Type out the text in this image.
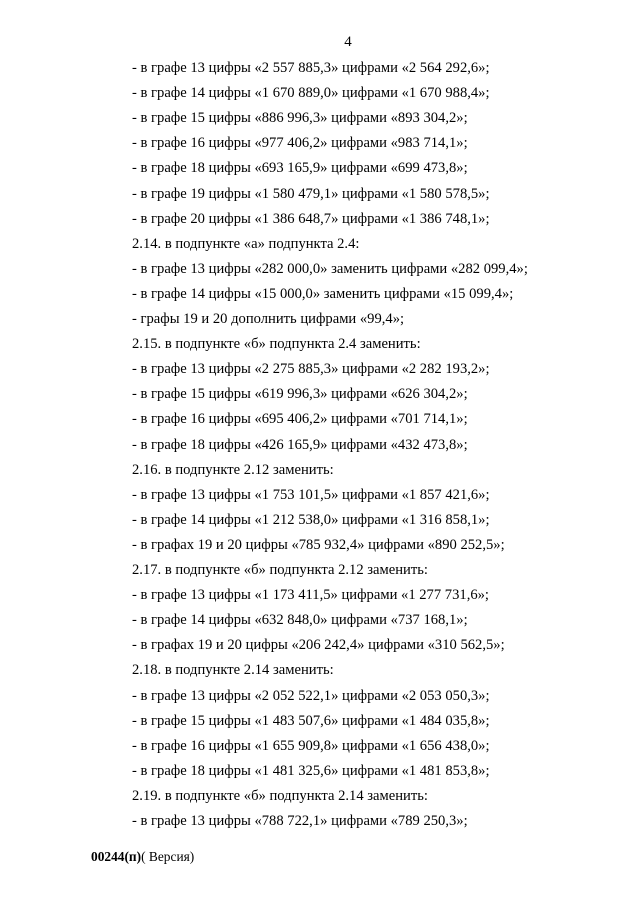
4
- в графе 13 цифры «2 557 885,3» цифрами «2 564 292,6»;
- в графе 14 цифры «1 670 889,0» цифрами «1 670 988,4»;
- в графе 15 цифры «886 996,3» цифрами «893 304,2»;
- в графе 16 цифры «977 406,2» цифрами «983 714,1»;
- в графе 18 цифры «693 165,9» цифрами «699 473,8»;
- в графе 19 цифры «1 580 479,1» цифрами «1 580 578,5»;
- в графе 20 цифры «1 386 648,7» цифрами «1 386 748,1»;
2.14. в подпункте «а» подпункта 2.4:
- в графе 13 цифры «282 000,0» заменить цифрами «282 099,4»;
- в графе 14 цифры «15 000,0» заменить цифрами «15 099,4»;
- графы 19 и 20 дополнить цифрами «99,4»;
2.15. в подпункте «б» подпункта 2.4 заменить:
- в графе 13 цифры «2 275 885,3» цифрами «2 282 193,2»;
- в графе 15 цифры «619 996,3» цифрами «626 304,2»;
- в графе 16 цифры «695 406,2» цифрами «701 714,1»;
- в графе 18 цифры «426 165,9» цифрами «432 473,8»;
2.16. в подпункте 2.12 заменить:
- в графе 13 цифры «1 753 101,5» цифрами «1 857 421,6»;
- в графе 14 цифры «1 212 538,0» цифрами «1 316 858,1»;
- в графах 19 и 20 цифры «785 932,4» цифрами «890 252,5»;
2.17. в подпункте «б» подпункта 2.12 заменить:
- в графе 13 цифры «1 173 411,5» цифрами «1 277 731,6»;
- в графе 14 цифры «632 848,0» цифрами «737 168,1»;
- в графах 19 и 20 цифры «206 242,4» цифрами «310 562,5»;
2.18. в подпункте 2.14 заменить:
- в графе 13 цифры «2 052 522,1» цифрами «2 053 050,3»;
- в графе 15 цифры «1 483 507,6» цифрами «1 484 035,8»;
- в графе 16 цифры «1 655 909,8» цифрами «1 656 438,0»;
- в графе 18 цифры «1 481 325,6» цифрами «1 481 853,8»;
2.19. в подпункте «б» подпункта 2.14 заменить:
- в графе 13 цифры «788 722,1» цифрами «789 250,3»;
00244(п)( Версия)
